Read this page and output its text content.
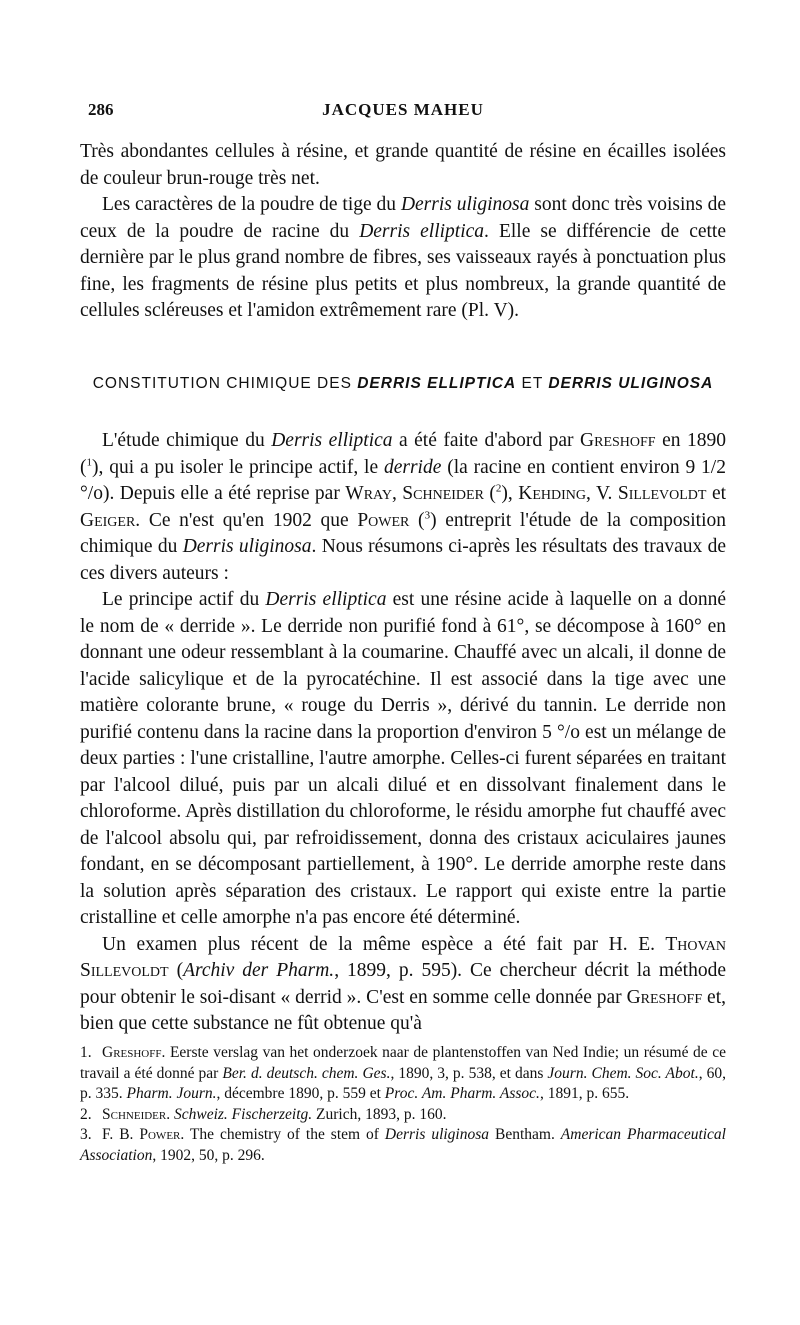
286	JACQUES MAHEU

Très abondantes cellules à résine, et grande quantité de résine en écailles isolées de couleur brun-rouge très net.

Les caractères de la poudre de tige du Derris uliginosa sont donc très voisins de ceux de la poudre de racine du Derris elliptica. Elle se différencie de cette dernière par le plus grand nombre de fibres, ses vaisseaux rayés à ponctuation plus fine, les fragments de résine plus petits et plus nombreux, la grande quantité de cellules scléreuses et l'amidon extrêmement rare (Pl. V).

CONSTITUTION CHIMIQUE DES DERRIS ELLIPTICA ET DERRIS ULIGINOSA

L'étude chimique du Derris elliptica a été faite d'abord par Greshoff en 1890 ($^1$), qui a pu isoler le principe actif, le derride (la racine en contient environ 9 1/2 °/o). Depuis elle a été reprise par Wray, Schneider ($^2$), Kehding, V. Sillevoldt et Geiger. Ce n'est qu'en 1902 que Power ($^3$) entreprit l'étude de la composition chimique du Derris uliginosa. Nous résumons ci-après les résultats des travaux de ces divers auteurs :

Le principe actif du Derris elliptica est une résine acide à laquelle on a donné le nom de « derride ». Le derride non purifié fond à 61°, se décompose à 160° en donnant une odeur ressemblant à la coumarine. Chauffé avec un alcali, il donne de l'acide salicylique et de la pyrocatéchine. Il est associé dans la tige avec une matière colorante brune, « rouge du Derris », dérivé du tannin. Le derride non purifié contenu dans la racine dans la proportion d'environ 5 °/o est un mélange de deux parties : l'une cristalline, l'autre amorphe. Celles-ci furent séparées en traitant par l'alcool dilué, puis par un alcali dilué et en dissolvant finalement dans le chloroforme. Après distillation du chloroforme, le résidu amorphe fut chauffé avec de l'alcool absolu qui, par refroidissement, donna des cristaux aciculaires jaunes fondant, en se décomposant partiellement, à 190°. Le derride amorphe reste dans la solution après séparation des cristaux. Le rapport qui existe entre la partie cristalline et celle amorphe n'a pas encore été déterminé.

Un examen plus récent de la même espèce a été fait par H. E. Thovan Sillevoldt (Archiv der Pharm., 1899, p. 595). Ce chercheur décrit la méthode pour obtenir le soi-disant « derrid ». C'est en somme celle donnée par Greshoff et, bien que cette substance ne fût obtenue qu'à

1. Greshoff. Eerste verslag van het onderzoek naar de plantenstoffen van Ned Indie; un résumé de ce travail a été donné par Ber. d. deutsch. chem. Ges., 1890, 3, p. 538, et dans Journ. Chem. Soc. Abot., 60, p. 335. Pharm. Journ., décembre 1890, p. 559 et Proc. Am. Pharm. Assoc., 1891, p. 655.

2. Schneider. Schweiz. Fischerzeitg. Zurich, 1893, p. 160.

3. F. B. Power. The chemistry of the stem of Derris uliginosa Bentham. American Pharmaceutical Association, 1902, 50, p. 296.
